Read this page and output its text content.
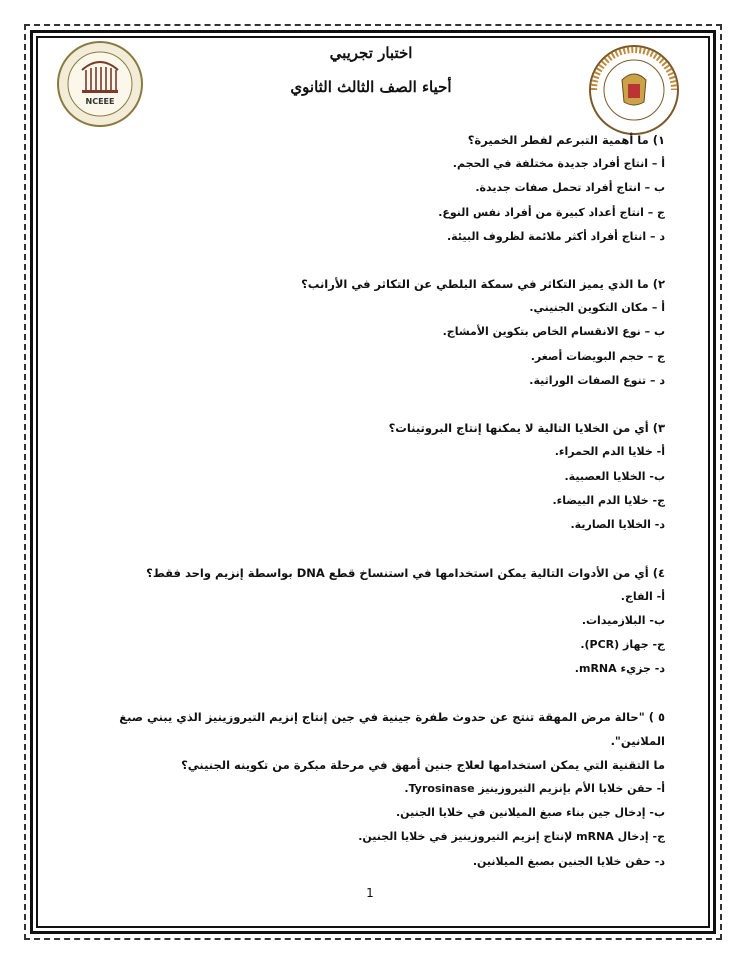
NCEEE
اختبار تجريبي
أحياء الصف الثالث الثانوي

١) ما أهمية التبرعم لفطر الخميرة؟

أ – انتاج أفراد جديدة مختلفة في الحجم.

ب – انتاج أفراد تحمل صفات جديدة.

ج – انتاج أعداد كبيرة من أفراد نفس النوع.

د – انتاج أفراد أكثر ملائمة لظروف البيئة.

٢) ما الذي يميز التكاثر في سمكة البلطي عن التكاثر في الأرانب؟

أ – مكان التكوين الجنيني.

ب – نوع الانقسام الخاص بتكوين الأمشاج.

ج – حجم البويضات أصغر.

د – تنوع الصفات الوراثية.

٣) أي من الخلايا التالية لا يمكنها إنتاج البروتينات؟

أ- خلايا الدم الحمراء.

ب- الخلايا العصبية.

ج- خلايا الدم البيضاء.

د- الخلايا الصارية.

٤) أي من الأدوات التالية يمكن استخدامها في استنساخ قطع DNA بواسطة إنزيم واحد فقط؟

أ- الفاج.

ب- البلازميدات.

ج- جهاز (PCR).

د- جزيء mRNA.

٥ ) "حالة مرض المهقة تنتج عن حدوث طفرة جينية في جين إنتاج إنزيم التيروزينيز الذي يبني صبغ الملانين".

ما التقنية التي يمكن استخدامها لعلاج جنين أمهق في مرحلة مبكرة من تكوينه الجنيني؟

أ- حقن خلايا الأم بإنزيم التيروزينيز Tyrosinase.

ب- إدخال جين بناء صبغ الميلانين في خلايا الجنين.

ج- إدخال mRNA لإنتاج إنزيم التيروزينيز في خلايا الجنين.

د- حقن خلايا الجنين بصبغ الميلانين.

1
